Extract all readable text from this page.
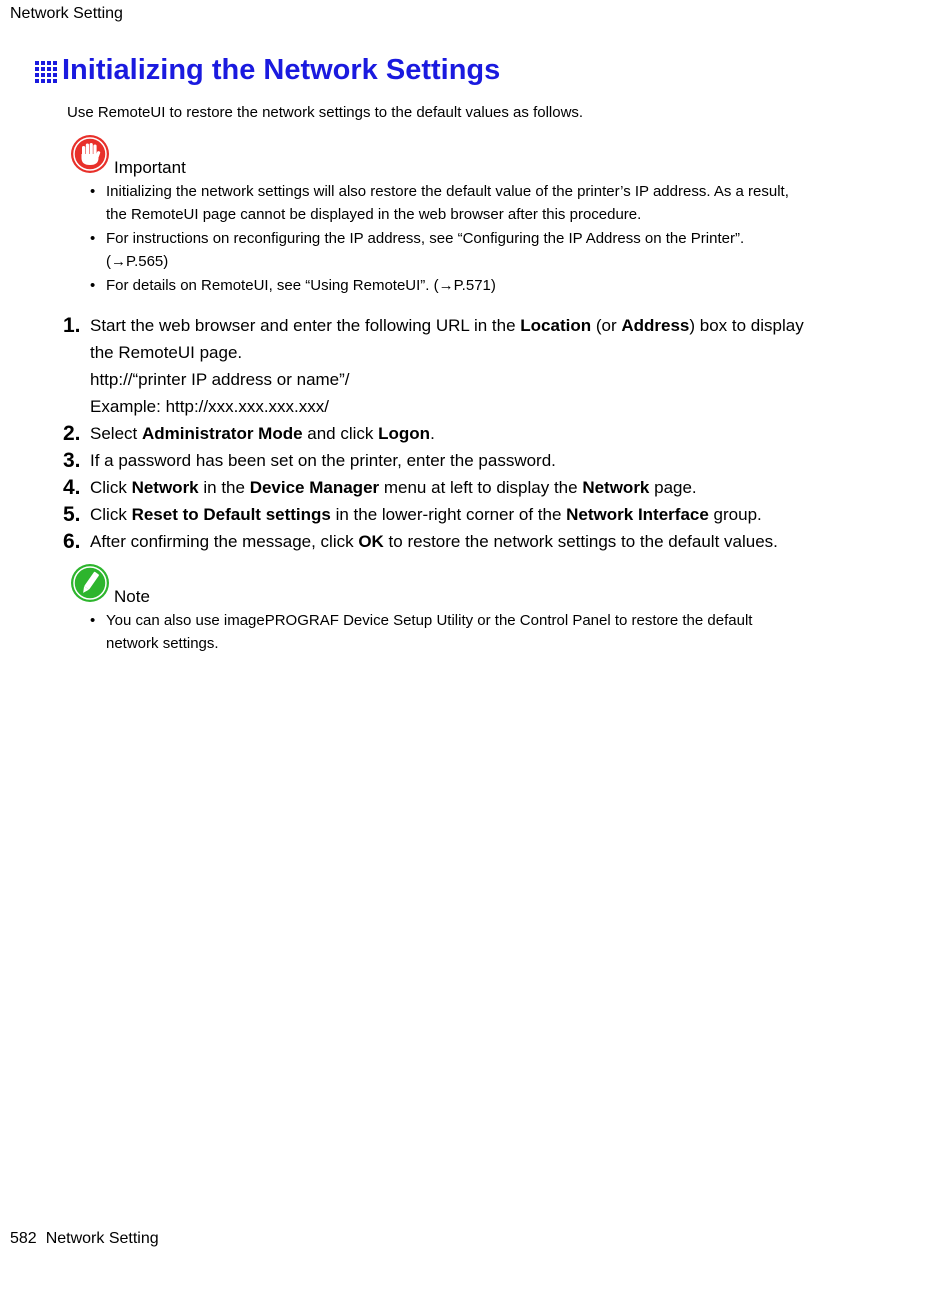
Network Setting
Initializing the Network Settings
Use RemoteUI to restore the network settings to the default values as follows.
Important
• Initializing the network settings will also restore the default value of the printer’s IP address. As a result,
the RemoteUI page cannot be displayed in the web browser after this procedure.
• For instructions on reconfiguring the IP address, see “Configuring the IP Address on the Printer”.
(→P.565)
• For details on RemoteUI, see “Using RemoteUI”. (→P.571)
1. Start the web browser and enter the following URL in the Location (or Address) box to display
the RemoteUI page.
http://“printer IP address or name”/
Example: http://xxx.xxx.xxx.xxx/
2. Select Administrator Mode and click Logon.
3. If a password has been set on the printer, enter the password.
4. Click Network in the Device Manager menu at left to display the Network page.
5. Click Reset to Default settings in the lower-right corner of the Network Interface group.
6. After confirming the message, click OK to restore the network settings to the default values.
Note
• You can also use imagePROGRAF Device Setup Utility or the Control Panel to restore the default
network settings.
582 Network Setting
